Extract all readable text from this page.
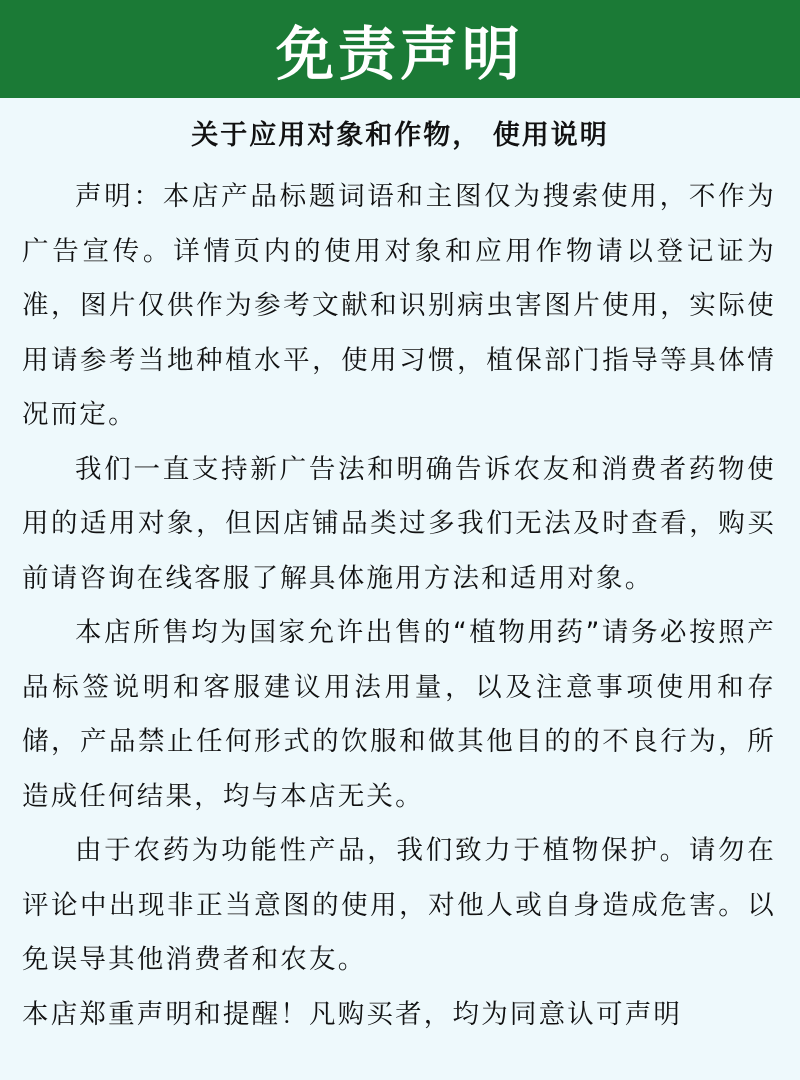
免责声明
关于应用对象和作物， 使用说明

声明：本店产品标题词语和主图仅为搜索使用，不作为广告宣传。详情页内的使用对象和应用作物请以登记证为准，图片仅供作为参考文献和识别病虫害图片使用，实际使用请参考当地种植水平，使用习惯，植保部门指导等具体情况而定。

我们一直支持新广告法和明确告诉农友和消费者药物使用的适用对象，但因店铺品类过多我们无法及时查看，购买前请咨询在线客服了解具体施用方法和适用对象。

本店所售均为国家允许出售的“植物用药”请务必按照产品标签说明和客服建议用法用量，以及注意事项使用和存储，产品禁止任何形式的饮服和做其他目的的不良行为，所造成任何结果，均与本店无关。

由于农药为功能性产品，我们致力于植物保护。请勿在评论中出现非正当意图的使用，对他人或自身造成危害。以免误导其他消费者和农友。

本店郑重声明和提醒！凡购买者，均为同意认可声明
